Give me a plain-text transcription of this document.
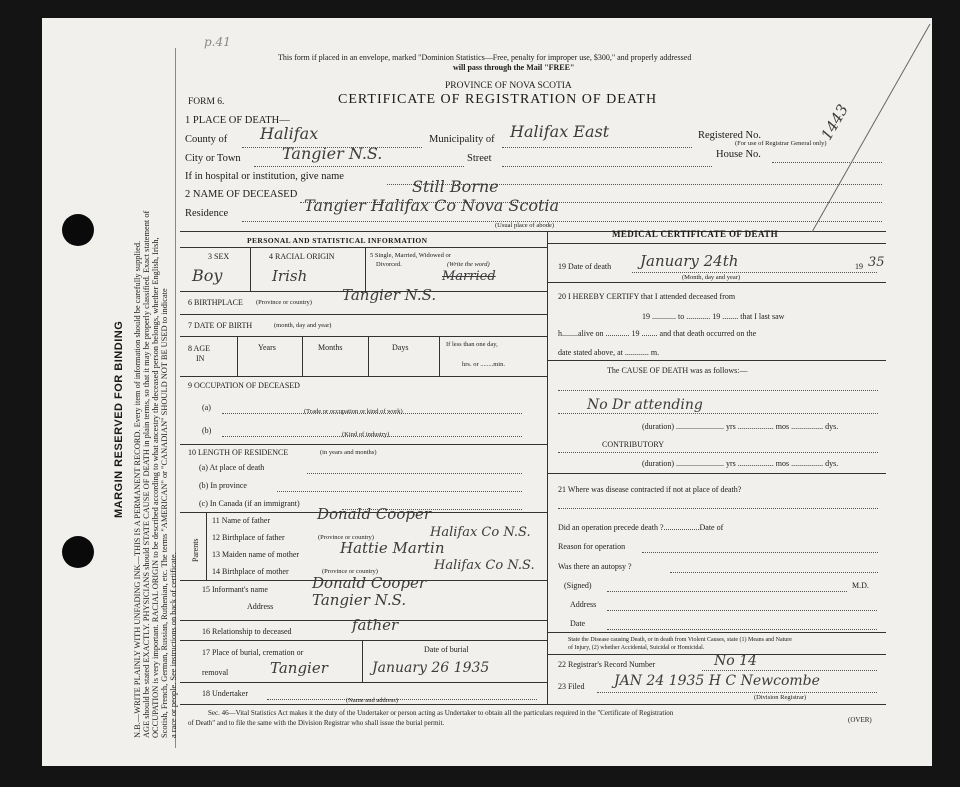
MARGIN RESERVED FOR BINDING N.B.—WRITE PLAINLY WITH UNFADING INK—THIS IS A PERMANENT RECORD. Every item of information should be carefully supplied. AGE should be stated EXACTLY. PHYSICIANS should STATE CAUSE OF DEATH in plain terms, so that it may be properly classified. Exact statement of OCCUPATION is very important. RACIAL ORIGIN to be described according to what ancestry the deceased person belongs, whether English, Irish, Scotish, French, German, Russian, Ruthenian, etc. The terms "AMERICAN" or "CANADIAN" SHOULD NOT BE USED to indicate a race or people. See instructions on back of certificate.
p.41
This form if placed in an envelope, marked "Dominion Statistics—Free, penalty for improper use, $300," and properly addressed
will pass through the Mail "FREE"
PROVINCE OF NOVA SCOTIA
FORM 6.	CERTIFICATE OF REGISTRATION OF DEATH
1 PLACE OF DEATH—
County of Halifax	Municipality of Halifax East	Registered No.
(For use of Registrar General only)
1443
City or Town	Tangier N.S.	Street	House No.
If in hospital or institution, give name
2 NAME OF DECEASED	Still Borne
Residence	Tangier Halifax Co Nova Scotia
(Usual place of abode)
PERSONAL AND STATISTICAL INFORMATION
3 SEX
Boy
4 RACIAL ORIGIN
Irish
5 Single, Married, Widowed or
Divorced.	(Write the word)
Married
6 BIRTHPLACE (Province or country) Tangier N.S.
7 DATE OF BIRTH	(month, day and year)
8 AGE
IN
Years	Months	Days	If less than one day,
hrs. or ........min.
9 OCCUPATION OF DECEASED
(a)	(Trade or occupation or kind of work)
(b)	(Kind of industry)
10 LENGTH OF RESIDENCE	(in years and months)
(a) At place of death
(b) In province
(c) In Canada (if an immigrant)
Parents
11 Name of father	Donald Cooper
12 Birthplace of father	(Province or country)	Halifax Co N.S.
13 Maiden name of mother	Hattie Martin
14 Birthplace of mother	(Province or country)	Halifax Co N.S.
15 Informant's name	Donald Cooper
Address	Tangier N.S.
16 Relationship to deceased	father
17 Place of burial, cremation or
removal	Tangier
Date of burial
January 26 1935
18 Undertaker
(Name and address)
MEDICAL CERTIFICATE OF DEATH
19 Date of death January 24th	19 35
(Month, day and year)
20 I HEREBY CERTIFY that I attended deceased from
19 ............ to ............ 19 ........ that I last saw
h........alive on ............ 19 ........ and that death occurred on the
date stated above, at ............ m.
The CAUSE OF DEATH was as follows:—
No Dr attending
(duration) ........................ yrs .................. mos ................ dys.
CONTRIBUTORY
(duration) ........................ yrs .................. mos ................ dys.
21 Where was disease contracted if not at place of death?
Did an operation precede death ?..................Date of
Reason for operation
Was there an autopsy ?
(Signed)	M.D.
Address
Date
State the Disease causing Death, or in death from Violent Causes, state (1) Means and Nature
of Injury, (2) whether Accidental, Suicidal or Homicidal.
22 Registrar's Record Number	No 14
23 Filed JAN 24 1935 H C Newcombe
(Division Registrar)
Sec. 46—Vital Statistics Act makes it the duty of the Undertaker or person acting as Undertaker to obtain all the particulars required in the "Certificate of Registration
of Death" and to file the same with the Division Registrar who shall issue the burial permit.	(OVER)
